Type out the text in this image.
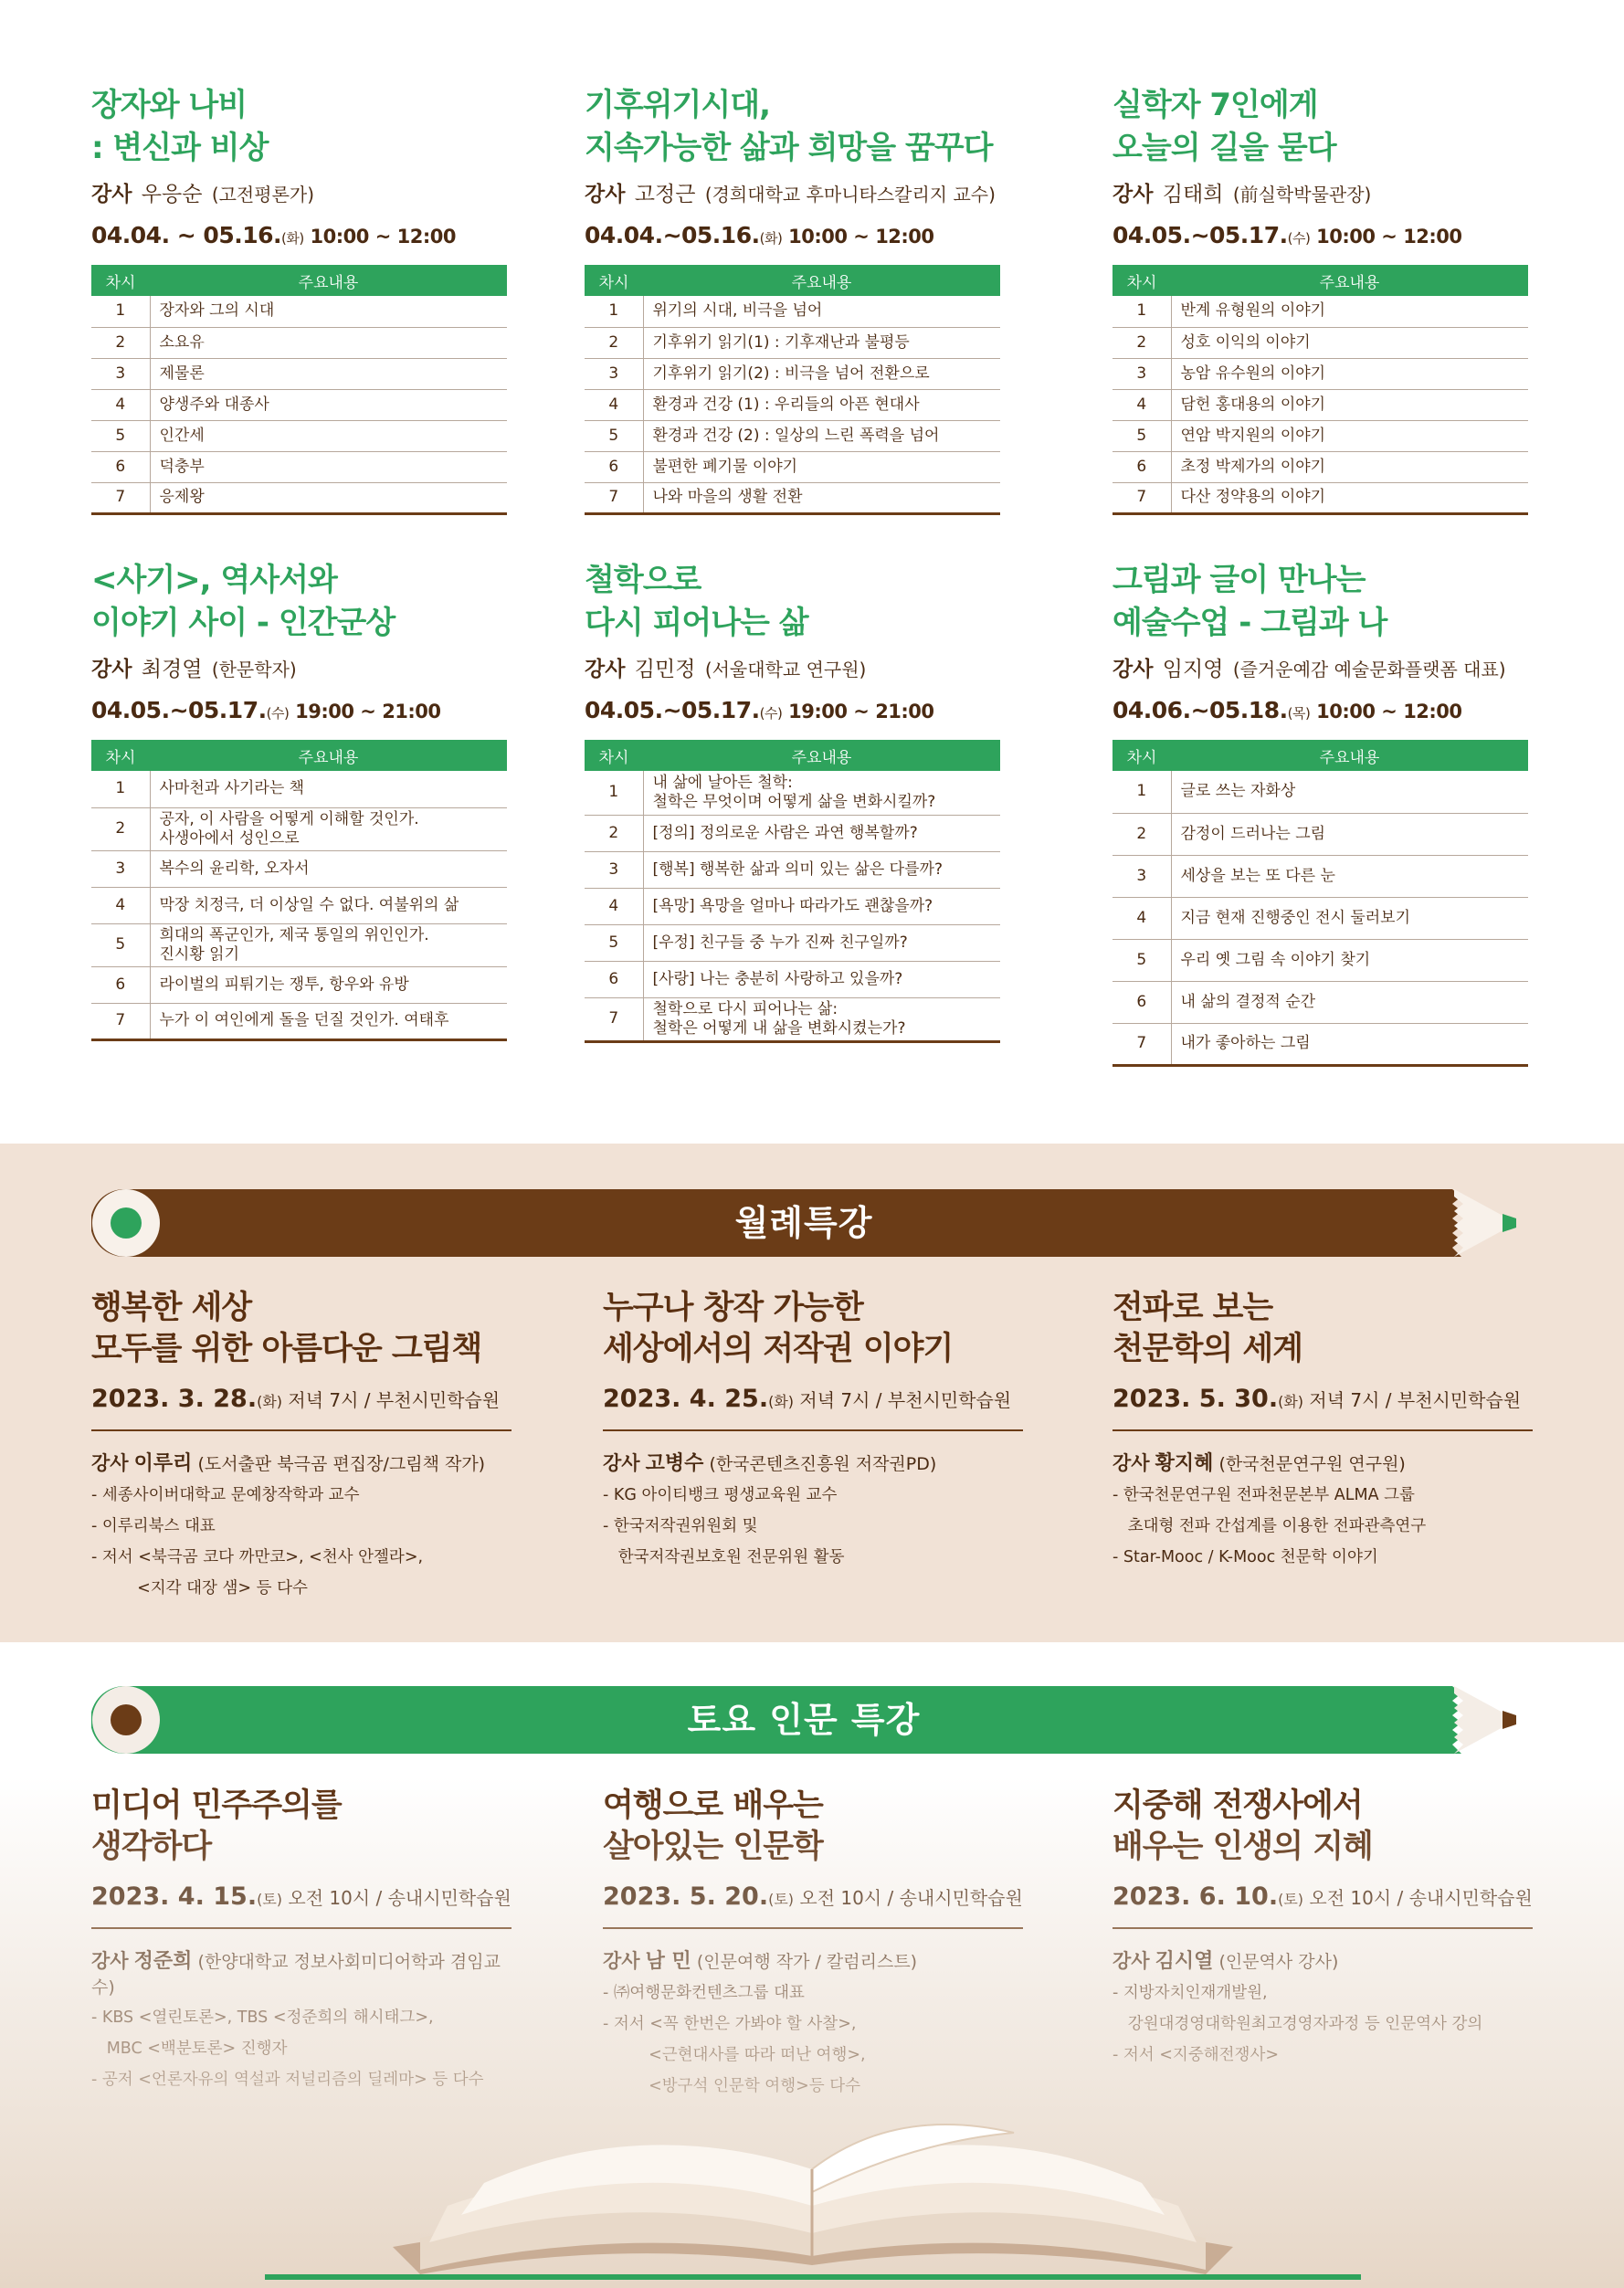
장자와 나비
: 변신과 비상
강사 우응순 (고전평론가)
04.04. ~ 05.16.(화) 10:00 ~ 12:00
차시	주요내용
1	장자와 그의 시대
2	소요유
3	제물론
4	양생주와 대종사
5	인간세
6	덕충부
7	응제왕
기후위기시대,
지속가능한 삶과 희망을 꿈꾸다
강사 고정근 (경희대학교 후마니타스칼리지 교수)
04.04.~05.16.(화) 10:00 ~ 12:00
차시	주요내용
1	위기의 시대, 비극을 넘어
2	기후위기 읽기(1) : 기후재난과 불평등
3	기후위기 읽기(2) : 비극을 넘어 전환으로
4	환경과 건강 (1) : 우리들의 아픈 현대사
5	환경과 건강 (2) : 일상의 느린 폭력을 넘어
6	불편한 폐기물 이야기
7	나와 마을의 생활 전환
실학자 7인에게
오늘의 길을 묻다
강사 김태희 (前실학박물관장)
04.05.~05.17.(수) 10:00 ~ 12:00
차시	주요내용
1	반계 유형원의 이야기
2	성호 이익의 이야기
3	농암 유수원의 이야기
4	담헌 홍대용의 이야기
5	연암 박지원의 이야기
6	초정 박제가의 이야기
7	다산 정약용의 이야기
<사기>, 역사서와
이야기 사이 - 인간군상
강사 최경열 (한문학자)
04.05.~05.17.(수) 19:00 ~ 21:00
차시	주요내용
1	사마천과 사기라는 책
2	공자, 이 사람을 어떻게 이해할 것인가.
사생아에서 성인으로
3	복수의 윤리학, 오자서
4	막장 치정극, 더 이상일 수 없다. 여불위의 삶
5	희대의 폭군인가, 제국 통일의 위인인가.
진시황 읽기
6	라이벌의 피튀기는 쟁투, 항우와 유방
7	누가 이 여인에게 돌을 던질 것인가. 여태후
철학으로
다시 피어나는 삶
강사 김민정 (서울대학교 연구원)
04.05.~05.17.(수) 19:00 ~ 21:00
차시	주요내용
1	내 삶에 날아든 철학:
철학은 무엇이며 어떻게 삶을 변화시킬까?
2	[정의] 정의로운 사람은 과연 행복할까?
3	[행복] 행복한 삶과 의미 있는 삶은 다를까?
4	[욕망] 욕망을 얼마나 따라가도 괜찮을까?
5	[우정] 친구들 중 누가 진짜 친구일까?
6	[사랑] 나는 충분히 사랑하고 있을까?
7	철학으로 다시 피어나는 삶:
철학은 어떻게 내 삶을 변화시켰는가?
그림과 글이 만나는
예술수업 - 그림과 나
강사 임지영 (즐거운예감 예술문화플랫폼 대표)
04.06.~05.18.(목) 10:00 ~ 12:00
차시	주요내용
1	글로 쓰는 자화상
2	감정이 드러나는 그림
3	세상을 보는 또 다른 눈
4	지금 현재 진행중인 전시 둘러보기
5	우리 옛 그림 속 이야기 찾기
6	내 삶의 결정적 순간
7	내가 좋아하는 그림
월례특강
행복한 세상
모두를 위한 아름다운 그림책
2023. 3. 28.(화) 저녁 7시 / 부천시민학습원
강사 이루리 (도서출판 북극곰 편집장/그림책 작가)
- 세종사이버대학교 문예창작학과 교수
- 이루리북스 대표
- 저서 <북극곰 코다 까만코>, <천사 안젤라>,
<지각 대장 샘> 등 다수
누구나 창작 가능한
세상에서의 저작권 이야기
2023. 4. 25.(화) 저녁 7시 / 부천시민학습원
강사 고병수 (한국콘텐츠진흥원 저작권PD)
- KG 아이티뱅크 평생교육원 교수
- 한국저작권위원회 및
한국저작권보호원 전문위원 활동
전파로 보는
천문학의 세계
2023. 5. 30.(화) 저녁 7시 / 부천시민학습원
강사 황지혜 (한국천문연구원 연구원)
- 한국천문연구원 전파천문본부 ALMA 그룹
초대형 전파 간섭계를 이용한 전파관측연구
- Star-Mooc / K-Mooc 천문학 이야기
토요 인문 특강
